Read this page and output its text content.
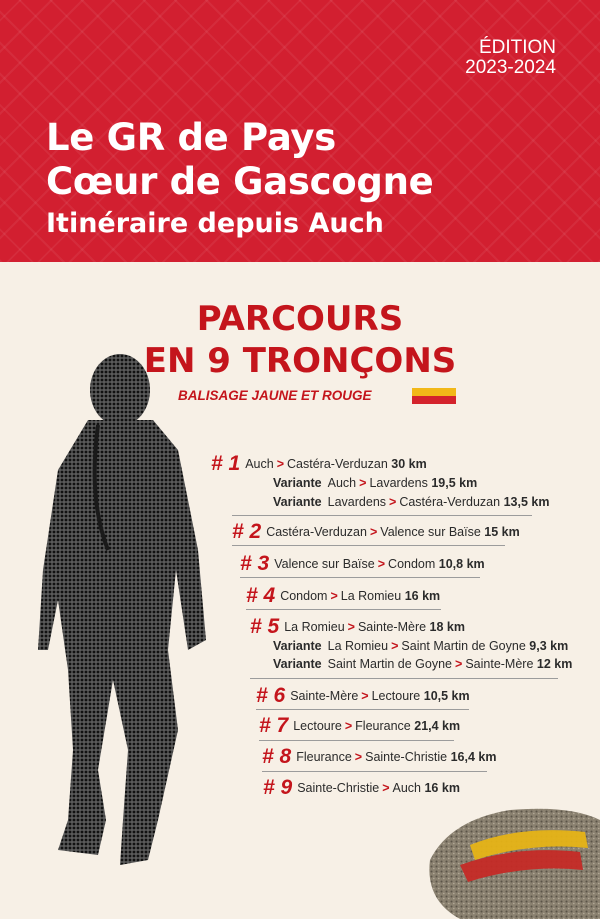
ÉDITION
2023-2024
Le GR de Pays
Cœur de Gascogne
Itinéraire depuis Auch
PARCOURS
EN 9 TRONÇONS
BALISAGE JAUNE ET ROUGE
# 1 Auch > Castéra-Verduzan 30 km
Variante Auch > Lavardens 19,5 km
Variante Lavardens > Castéra-Verduzan 13,5 km
# 2 Castéra-Verduzan > Valence sur Baïse 15 km
# 3 Valence sur Baïse > Condom 10,8 km
# 4 Condom > La Romieu 16 km
# 5 La Romieu > Sainte-Mère 18 km
Variante La Romieu > Saint Martin de Goyne 9,3 km
Variante Saint Martin de Goyne > Sainte-Mère 12 km
# 6 Sainte-Mère > Lectoure 10,5 km
# 7 Lectoure > Fleurance 21,4 km
# 8 Fleurance > Sainte-Christie 16,4 km
# 9 Sainte-Christie > Auch 16 km
